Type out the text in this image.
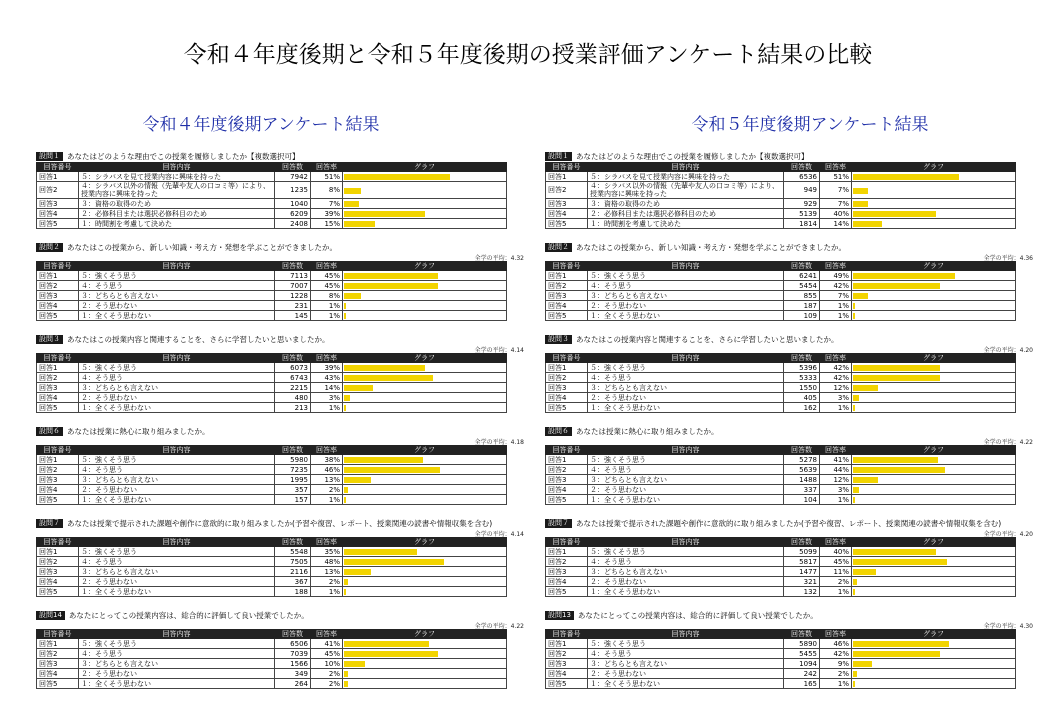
令和４年度後期と令和５年度後期の授業評価アンケート結果の比較
令和４年度後期アンケート結果
設問１ あなたはどのような理由でこの授業を履修しましたか【複数選択可】
回答番号	回答内容	回答数	回答率	グラフ
回答1	５：シラバスを見て授業内容に興味を持った	7942	51%	

回答2	４：シラバス以外の情報（先輩や友人の口コミ等）により、授業内容に興味を持った	1235	8%	

回答3	３：資格の取得のため	1040	7%	

回答4	２：必修科目または選択必修科目のため	6209	39%	

回答5	１：時間割を考慮して決めた	2408	15%	
設問２ あなたはこの授業から、新しい知識・考え方・発想を学ぶことができましたか。
全学の平均：4.32
回答番号	回答内容	回答数	回答率	グラフ
回答1	５：強くそう思う	7113	45%	

回答2	４：そう思う	7007	45%	

回答3	３：どちらとも言えない	1228	8%	

回答4	２：そう思わない	231	1%	

回答5	１：全くそう思わない	145	1%	
設問３ あなたはこの授業内容と関連することを、さらに学習したいと思いましたか。
全学の平均：4.14
回答番号	回答内容	回答数	回答率	グラフ
回答1	５：強くそう思う	6073	39%	

回答2	４：そう思う	6743	43%	

回答3	３：どちらとも言えない	2215	14%	

回答4	２：そう思わない	480	3%	

回答5	１：全くそう思わない	213	1%	
設問６ あなたは授業に熱心に取り組みましたか。
全学の平均：4.18
回答番号	回答内容	回答数	回答率	グラフ
回答1	５：強くそう思う	5980	38%	

回答2	４：そう思う	7235	46%	

回答3	３：どちらとも言えない	1995	13%	

回答4	２：そう思わない	357	2%	

回答5	１：全くそう思わない	157	1%	
設問７ あなたは授業で提示された課題や創作に意欲的に取り組みましたか(予習や復習、レポート、授業関連の読書や情報収集を含む)
全学の平均：4.14
回答番号	回答内容	回答数	回答率	グラフ
回答1	５：強くそう思う	5548	35%	

回答2	４：そう思う	7505	48%	

回答3	３：どちらとも言えない	2116	13%	

回答4	２：そう思わない	367	2%	

回答5	１：全くそう思わない	188	1%	
設問14 あなたにとってこの授業内容は、総合的に評価して良い授業でしたか。
全学の平均：4.22
回答番号	回答内容	回答数	回答率	グラフ
回答1	５：強くそう思う	6506	41%	

回答2	４：そう思う	7039	45%	

回答3	３：どちらとも言えない	1566	10%	

回答4	２：そう思わない	349	2%	

回答5	１：全くそう思わない	264	2%	
令和５年度後期アンケート結果
設問１ あなたはどのような理由でこの授業を履修しましたか【複数選択可】
回答番号	回答内容	回答数	回答率	グラフ
回答1	５：シラバスを見て授業内容に興味を持った	6536	51%	

回答2	４：シラバス以外の情報（先輩や友人の口コミ等）により、授業内容に興味を持った	949	7%	

回答3	３：資格の取得のため	929	7%	

回答4	２：必修科目または選択必修科目のため	5139	40%	

回答5	１：時間割を考慮して決めた	1814	14%	
設問２ あなたはこの授業から、新しい知識・考え方・発想を学ぶことができましたか。
全学の平均：4.36
回答番号	回答内容	回答数	回答率	グラフ
回答1	５：強くそう思う	6241	49%	

回答2	４：そう思う	5454	42%	

回答3	３：どちらとも言えない	855	7%	

回答4	２：そう思わない	187	1%	

回答5	１：全くそう思わない	109	1%	
設問３ あなたはこの授業内容と関連することを、さらに学習したいと思いましたか。
全学の平均：4.20
回答番号	回答内容	回答数	回答率	グラフ
回答1	５：強くそう思う	5396	42%	

回答2	４：そう思う	5333	42%	

回答3	３：どちらとも言えない	1550	12%	

回答4	２：そう思わない	405	3%	

回答5	１：全くそう思わない	162	1%	
設問６ あなたは授業に熱心に取り組みましたか。
全学の平均：4.22
回答番号	回答内容	回答数	回答率	グラフ
回答1	５：強くそう思う	5278	41%	

回答2	４：そう思う	5639	44%	

回答3	３：どちらとも言えない	1488	12%	

回答4	２：そう思わない	337	3%	

回答5	１：全くそう思わない	104	1%	
設問７ あなたは授業で提示された課題や創作に意欲的に取り組みましたか(予習や復習、レポート、授業関連の読書や情報収集を含む)
全学の平均：4.20
回答番号	回答内容	回答数	回答率	グラフ
回答1	５：強くそう思う	5099	40%	

回答2	４：そう思う	5817	45%	

回答3	３：どちらとも言えない	1477	11%	

回答4	２：そう思わない	321	2%	

回答5	１：全くそう思わない	132	1%	
設問13 あなたにとってこの授業内容は、総合的に評価して良い授業でしたか。
全学の平均：4.30
回答番号	回答内容	回答数	回答率	グラフ
回答1	５：強くそう思う	5890	46%	

回答2	４：そう思う	5455	42%	

回答3	３：どちらとも言えない	1094	9%	

回答4	２：そう思わない	242	2%	

回答5	１：全くそう思わない	165	1%	
